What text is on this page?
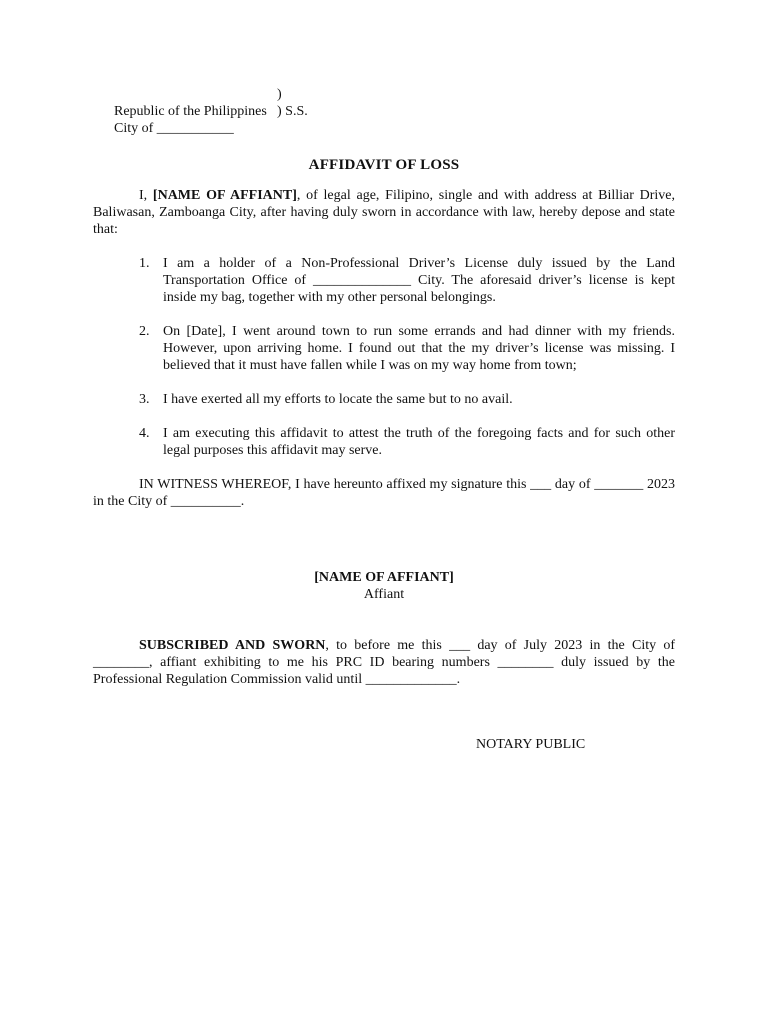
Republic of the Philippines

)

City of ___________

) S.S.

AFFIDAVIT OF LOSS

I, [NAME OF AFFIANT], of legal age, Filipino, single and with address at Billiar Drive, Baliwasan, Zamboanga City, after having duly sworn in accordance with law, hereby depose and state that:

1. I am a holder of a Non-Professional Driver’s License duly issued by the Land Transportation Office of ______________ City. The aforesaid driver’s license is kept inside my bag, together with my other personal belongings.
2. On [Date], I went around town to run some errands and had dinner with my friends. However, upon arriving home. I found out that the my driver’s license was missing. I believed that it must have fallen while I was on my way home from town;
3. I have exerted all my efforts to locate the same but to no avail.
4. I am executing this affidavit to attest the truth of the foregoing facts and for such other legal purposes this affidavit may serve.

IN WITNESS WHEREOF, I have hereunto affixed my signature this ___ day of _______ 2023 in the City of __________.

[NAME OF AFFIANT]
Affiant

SUBSCRIBED AND SWORN, to before me this ___ day of July 2023 in the City of ________, affiant exhibiting to me his PRC ID bearing numbers ________ duly issued by the Professional Regulation Commission valid until _____________.

NOTARY PUBLIC
